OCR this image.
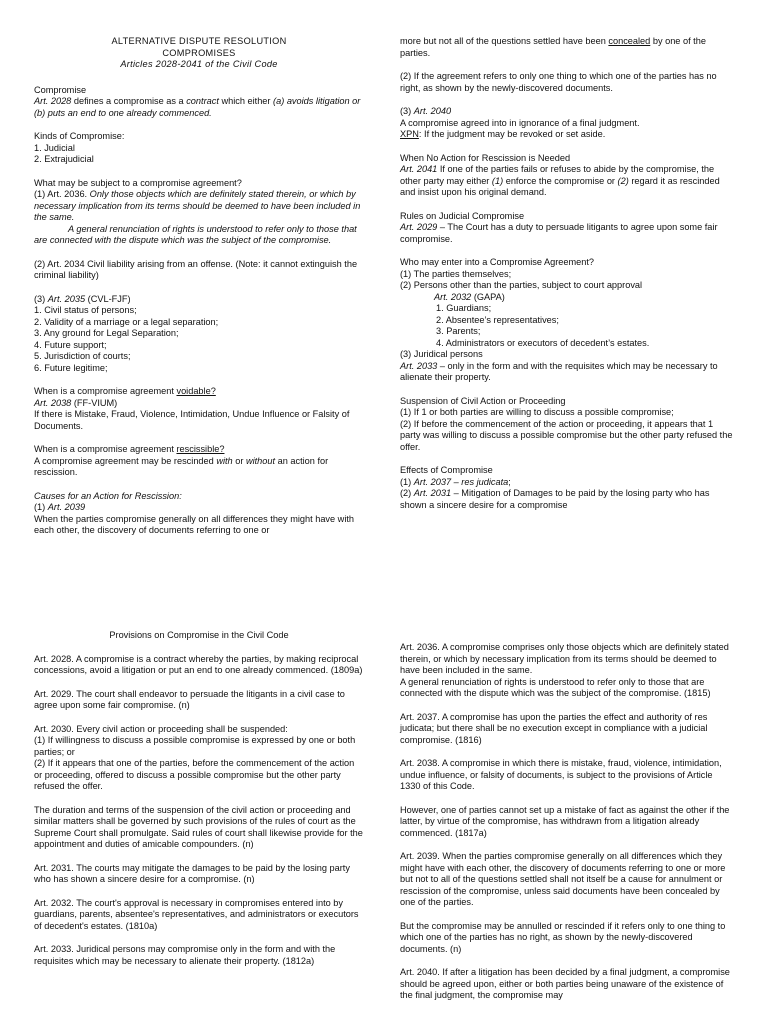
ALTERNATIVE DISPUTE RESOLUTION
COMPROMISES
Articles 2028-2041 of the Civil Code

Compromise
Art. 2028 defines a compromise as a contract which either (a) avoids litigation or (b) puts an end to one already commenced.

Kinds of Compromise:
1. Judicial
2. Extrajudicial

What may be subject to a compromise agreement?
(1) Art. 2036. Only those objects which are definitely stated therein, or which by necessary implication from its terms should be deemed to have been included in the same.
A general renunciation of rights is understood to refer only to those that are connected with the dispute which was the subject of the compromise.

(2) Art. 2034 Civil liability arising from an offense. (Note: it cannot extinguish the criminal liability)

(3) Art. 2035 (CVL-FJF)
1. Civil status of persons;
2. Validity of a marriage or a legal separation;
3. Any ground for Legal Separation;
4. Future support;
5. Jurisdiction of courts;
6. Future legitime;

When is a compromise agreement voidable?
Art. 2038 (FF-VIUM)
If there is Mistake, Fraud, Violence, Intimidation, Undue Influence or Falsity of Documents.

When is a compromise agreement rescissible?
A compromise agreement may be rescinded with or without an action for rescission.

Causes for an Action for Rescission:
(1) Art. 2039
When the parties compromise generally on all differences they might have with each other, the discovery of documents referring to one or

more but not all of the questions settled have been concealed by one of the parties.

(2) If the agreement refers to only one thing to which one of the parties has no right, as shown by the newly-discovered documents.

(3) Art. 2040
A compromise agreed into in ignorance of a final judgment.
XPN: If the judgment may be revoked or set aside.

When No Action for Rescission is Needed
Art. 2041 If one of the parties fails or refuses to abide by the compromise, the other party may either (1) enforce the compromise or (2) regard it as rescinded and insist upon his original demand.

Rules on Judicial Compromise
Art. 2029 – The Court has a duty to persuade litigants to agree upon some fair compromise.

Who may enter into a Compromise Agreement?
(1) The parties themselves;
(2) Persons other than the parties, subject to court approval
Art. 2032 (GAPA)
1. Guardians;
2. Absentee’s representatives;
3. Parents;
4. Administrators or executors of decedent’s estates.
(3) Juridical persons
Art. 2033 – only in the form and with the requisites which may be necessary to alienate their property.

Suspension of Civil Action or Proceeding
(1) If 1 or both parties are willing to discuss a possible compromise;
(2) If before the commencement of the action or proceeding, it appears that 1 party was willing to discuss a possible compromise but the other party refused the offer.

Effects of Compromise
(1) Art. 2037 – res judicata;
(2) Art. 2031 – Mitigation of Damages to be paid by the losing party who has shown a sincere desire for a compromise

Provisions on Compromise in the Civil Code

Art. 2028. A compromise is a contract whereby the parties, by making reciprocal concessions, avoid a litigation or put an end to one already commenced. (1809a)

Art. 2029. The court shall endeavor to persuade the litigants in a civil case to agree upon some fair compromise. (n)

Art. 2030. Every civil action or proceeding shall be suspended:
(1) If willingness to discuss a possible compromise is expressed by one or both parties; or
(2) If it appears that one of the parties, before the commencement of the action or proceeding, offered to discuss a possible compromise but the other party refused the offer.

The duration and terms of the suspension of the civil action or proceeding and similar matters shall be governed by such provisions of the rules of court as the Supreme Court shall promulgate. Said rules of court shall likewise provide for the appointment and duties of amicable compounders. (n)

Art. 2031. The courts may mitigate the damages to be paid by the losing party who has shown a sincere desire for a compromise. (n)

Art. 2032. The court's approval is necessary in compromises entered into by guardians, parents, absentee's representatives, and administrators or executors of decedent's estates. (1810a)

Art. 2033. Juridical persons may compromise only in the form and with the requisites which may be necessary to alienate their property. (1812a)

Art. 2036. A compromise comprises only those objects which are definitely stated therein, or which by necessary implication from its terms should be deemed to have been included in the same.
A general renunciation of rights is understood to refer only to those that are connected with the dispute which was the subject of the compromise. (1815)

Art. 2037. A compromise has upon the parties the effect and authority of res judicata; but there shall be no execution except in compliance with a judicial compromise. (1816)

Art. 2038. A compromise in which there is mistake, fraud, violence, intimidation, undue influence, or falsity of documents, is subject to the provisions of Article 1330 of this Code.

However, one of parties cannot set up a mistake of fact as against the other if the latter, by virtue of the compromise, has withdrawn from a litigation already commenced. (1817a)

Art. 2039. When the parties compromise generally on all differences which they might have with each other, the discovery of documents referring to one or more but not to all of the questions settled shall not itself be a cause for annulment or rescission of the compromise, unless said documents have been concealed by one of the parties.

But the compromise may be annulled or rescinded if it refers only to one thing to which one of the parties has no right, as shown by the newly-discovered documents. (n)

Art. 2040. If after a litigation has been decided by a final judgment, a compromise should be agreed upon, either or both parties being unaware of the existence of the final judgment, the compromise may
